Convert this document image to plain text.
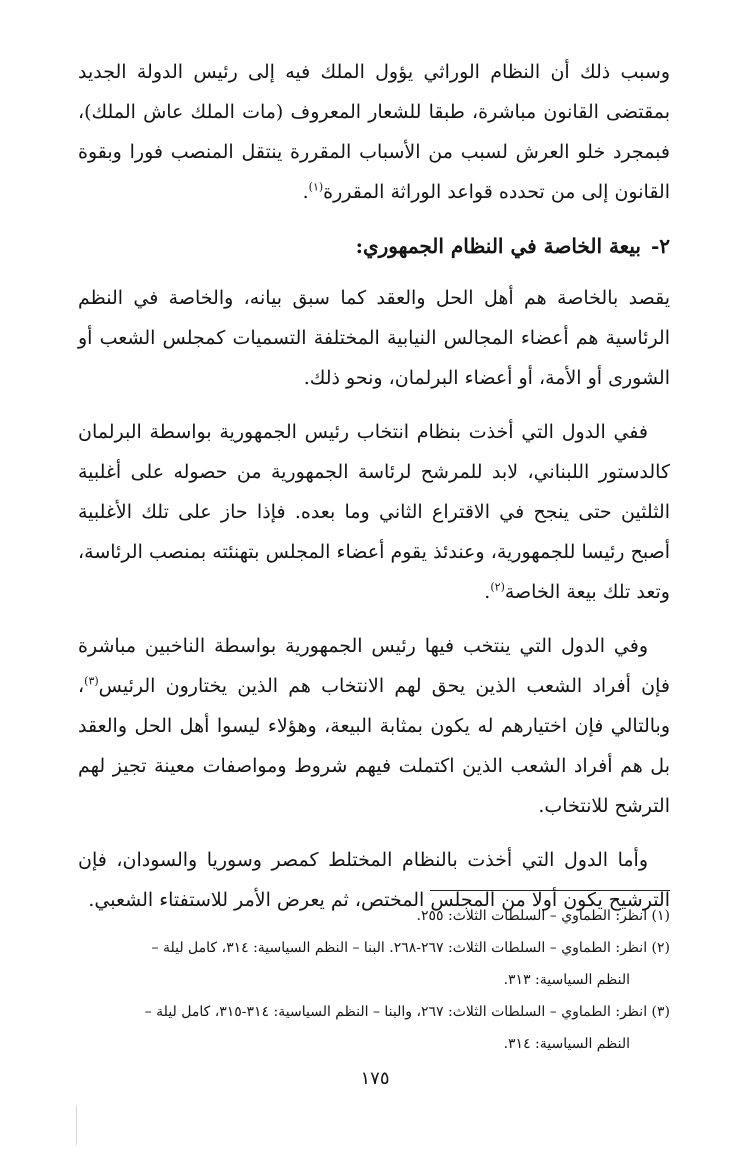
وسبب ذلك أن النظام الوراثي يؤول الملك فيه إلى رئيس الدولة الجديد بمقتضى القانون مباشرة، طبقا للشعار المعروف (مات الملك عاش الملك)، فبمجرد خلو العرش لسبب من الأسباب المقررة ينتقل المنصب فورا وبقوة القانون إلى من تحدده قواعد الوراثة المقررة$^{(١)}$.

٢-بيعة الخاصة في النظام الجمهوري:

يقصد بالخاصة هم أهل الحل والعقد كما سبق بيانه، والخاصة في النظم الرئاسية هم أعضاء المجالس النيابية المختلفة التسميات كمجلس الشعب أو الشورى أو الأمة، أو أعضاء البرلمان، ونحو ذلك.

ففي الدول التي أخذت بنظام انتخاب رئيس الجمهورية بواسطة البرلمان كالدستور اللبناني، لابد للمرشح لرئاسة الجمهورية من حصوله على أغلبية الثلثين حتى ينجح في الاقتراع الثاني وما بعده. فإذا حاز على تلك الأغلبية أصبح رئيسا للجمهورية، وعندئذ يقوم أعضاء المجلس بتهنئته بمنصب الرئاسة، وتعد تلك بيعة الخاصة$^{(٢)}$.

وفي الدول التي ينتخب فيها رئيس الجمهورية بواسطة الناخبين مباشرة فإن أفراد الشعب الذين يحق لهم الانتخاب هم الذين يختارون الرئيس$^{(٣)}$، وبالتالي فإن اختيارهم له يكون بمثابة البيعة، وهؤلاء ليسوا أهل الحل والعقد بل هم أفراد الشعب الذين اكتملت فيهم شروط ومواصفات معينة تجيز لهم الترشح للانتخاب.

وأما الدول التي أخذت بالنظام المختلط كمصر وسوريا والسودان، فإن الترشيح يكون أولا من المجلس المختص، ثم يعرض الأمر للاستفتاء الشعبي.

(١) انظر: الطماوي – السلطات الثلاث: ٢٥٥.

(٢) انظر: الطماوي – السلطات الثلاث: ٢٦٧-٢٦٨. البنا – النظم السياسية: ٣١٤، كامل ليلة –
النظم السياسية: ٣١٣.

(٣) انظر: الطماوي – السلطات الثلاث: ٢٦٧، والبنا – النظم السياسية: ٣١٤-٣١٥، كامل ليلة –
النظم السياسية: ٣١٤.

١٧٥
